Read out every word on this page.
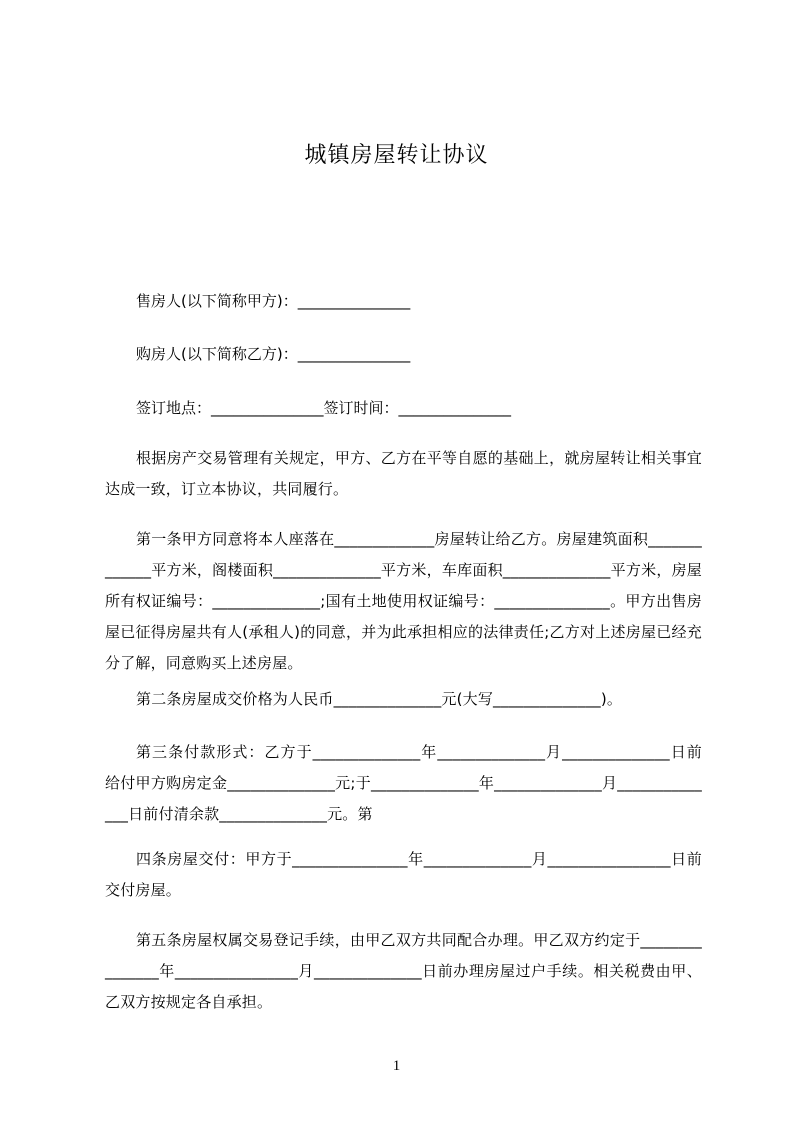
城镇房屋转让协议
售房人(以下简称甲方)：_______________
购房人(以下简称乙方)：_______________
签订地点：_______________签订时间：_______________

根据房产交易管理有关规定，甲方、乙方在平等自愿的基础上，就房屋转让相关事宜达成一致，订立本协议，共同履行。

第一条甲方同意将本人座落在_____________房屋转让给乙方。房屋建筑面积_____________平方米，阁楼面积______________平方米，车库面积______________平方米，房屋所有权证编号：______________;国有土地使用权证编号：_______________。甲方出售房屋已征得房屋共有人(承租人)的同意，并为此承担相应的法律责任;乙方对上述房屋已经充分了解，同意购买上述房屋。

第二条房屋成交价格为人民币______________元(大写______________)。

第三条付款形式：乙方于______________年______________月______________日前给付甲方购房定金______________元;于______________年______________月______________日前付清余款______________元。第

四条房屋交付：甲方于_______________年______________月________________日前交付房屋。

第五条房屋权属交易登记手续，由甲乙双方共同配合办理。甲乙双方约定于_______________年________________月______________日前办理房屋过户手续。相关税费由甲、乙双方按规定各自承担。

1
